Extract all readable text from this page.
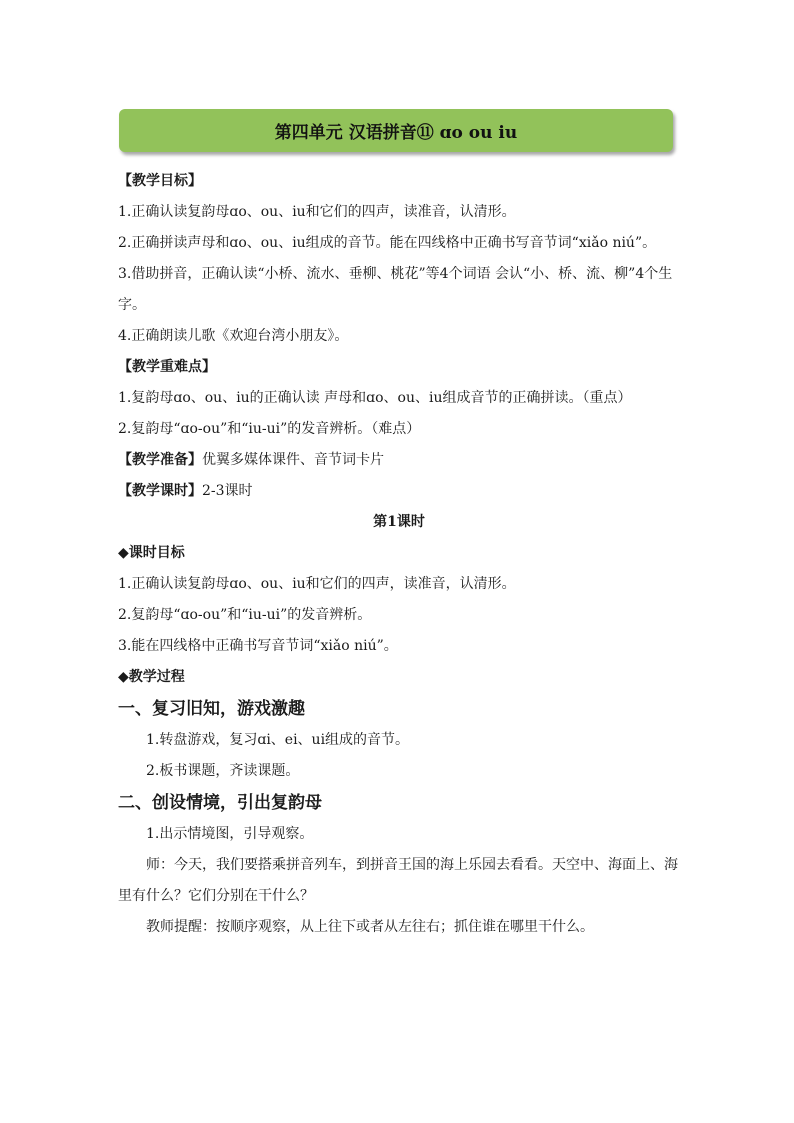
第四单元 汉语拼音⑪ ɑo ou iu

【教学目标】

1.正确认读复韵母ɑo、ou、iu和它们的四声，读准音，认清形。

2.正确拼读声母和ɑo、ou、iu组成的音节。能在四线格中正确书写音节词“xiǎo niú”。

3.借助拼音，正确认读“小桥、流水、垂柳、桃花”等4个词语 会认“小、桥、流、柳”4个生字。

4.正确朗读儿歌《欢迎台湾小朋友》。

【教学重难点】

1.复韵母ɑo、ou、iu的正确认读 声母和ɑo、ou、iu组成音节的正确拼读。（重点）

2.复韵母“ɑo-ou”和“iu-ui”的发音辨析。（难点）

【教学准备】优翼多媒体课件、音节词卡片

【教学课时】2-3课时

第1课时

◆课时目标

1.正确认读复韵母ɑo、ou、iu和它们的四声，读准音，认清形。

2.复韵母“ɑo-ou”和“iu-ui”的发音辨析。

3.能在四线格中正确书写音节词“xiǎo niú”。

◆教学过程

一、复习旧知，游戏激趣

1.转盘游戏，复习ɑi、ei、ui组成的音节。

2.板书课题，齐读课题。

二、创设情境，引出复韵母

1.出示情境图，引导观察。

师：今天，我们要搭乘拼音列车，到拼音王国的海上乐园去看看。天空中、海面上、海里有什么？它们分别在干什么？

教师提醒：按顺序观察，从上往下或者从左往右；抓住谁在哪里干什么。
